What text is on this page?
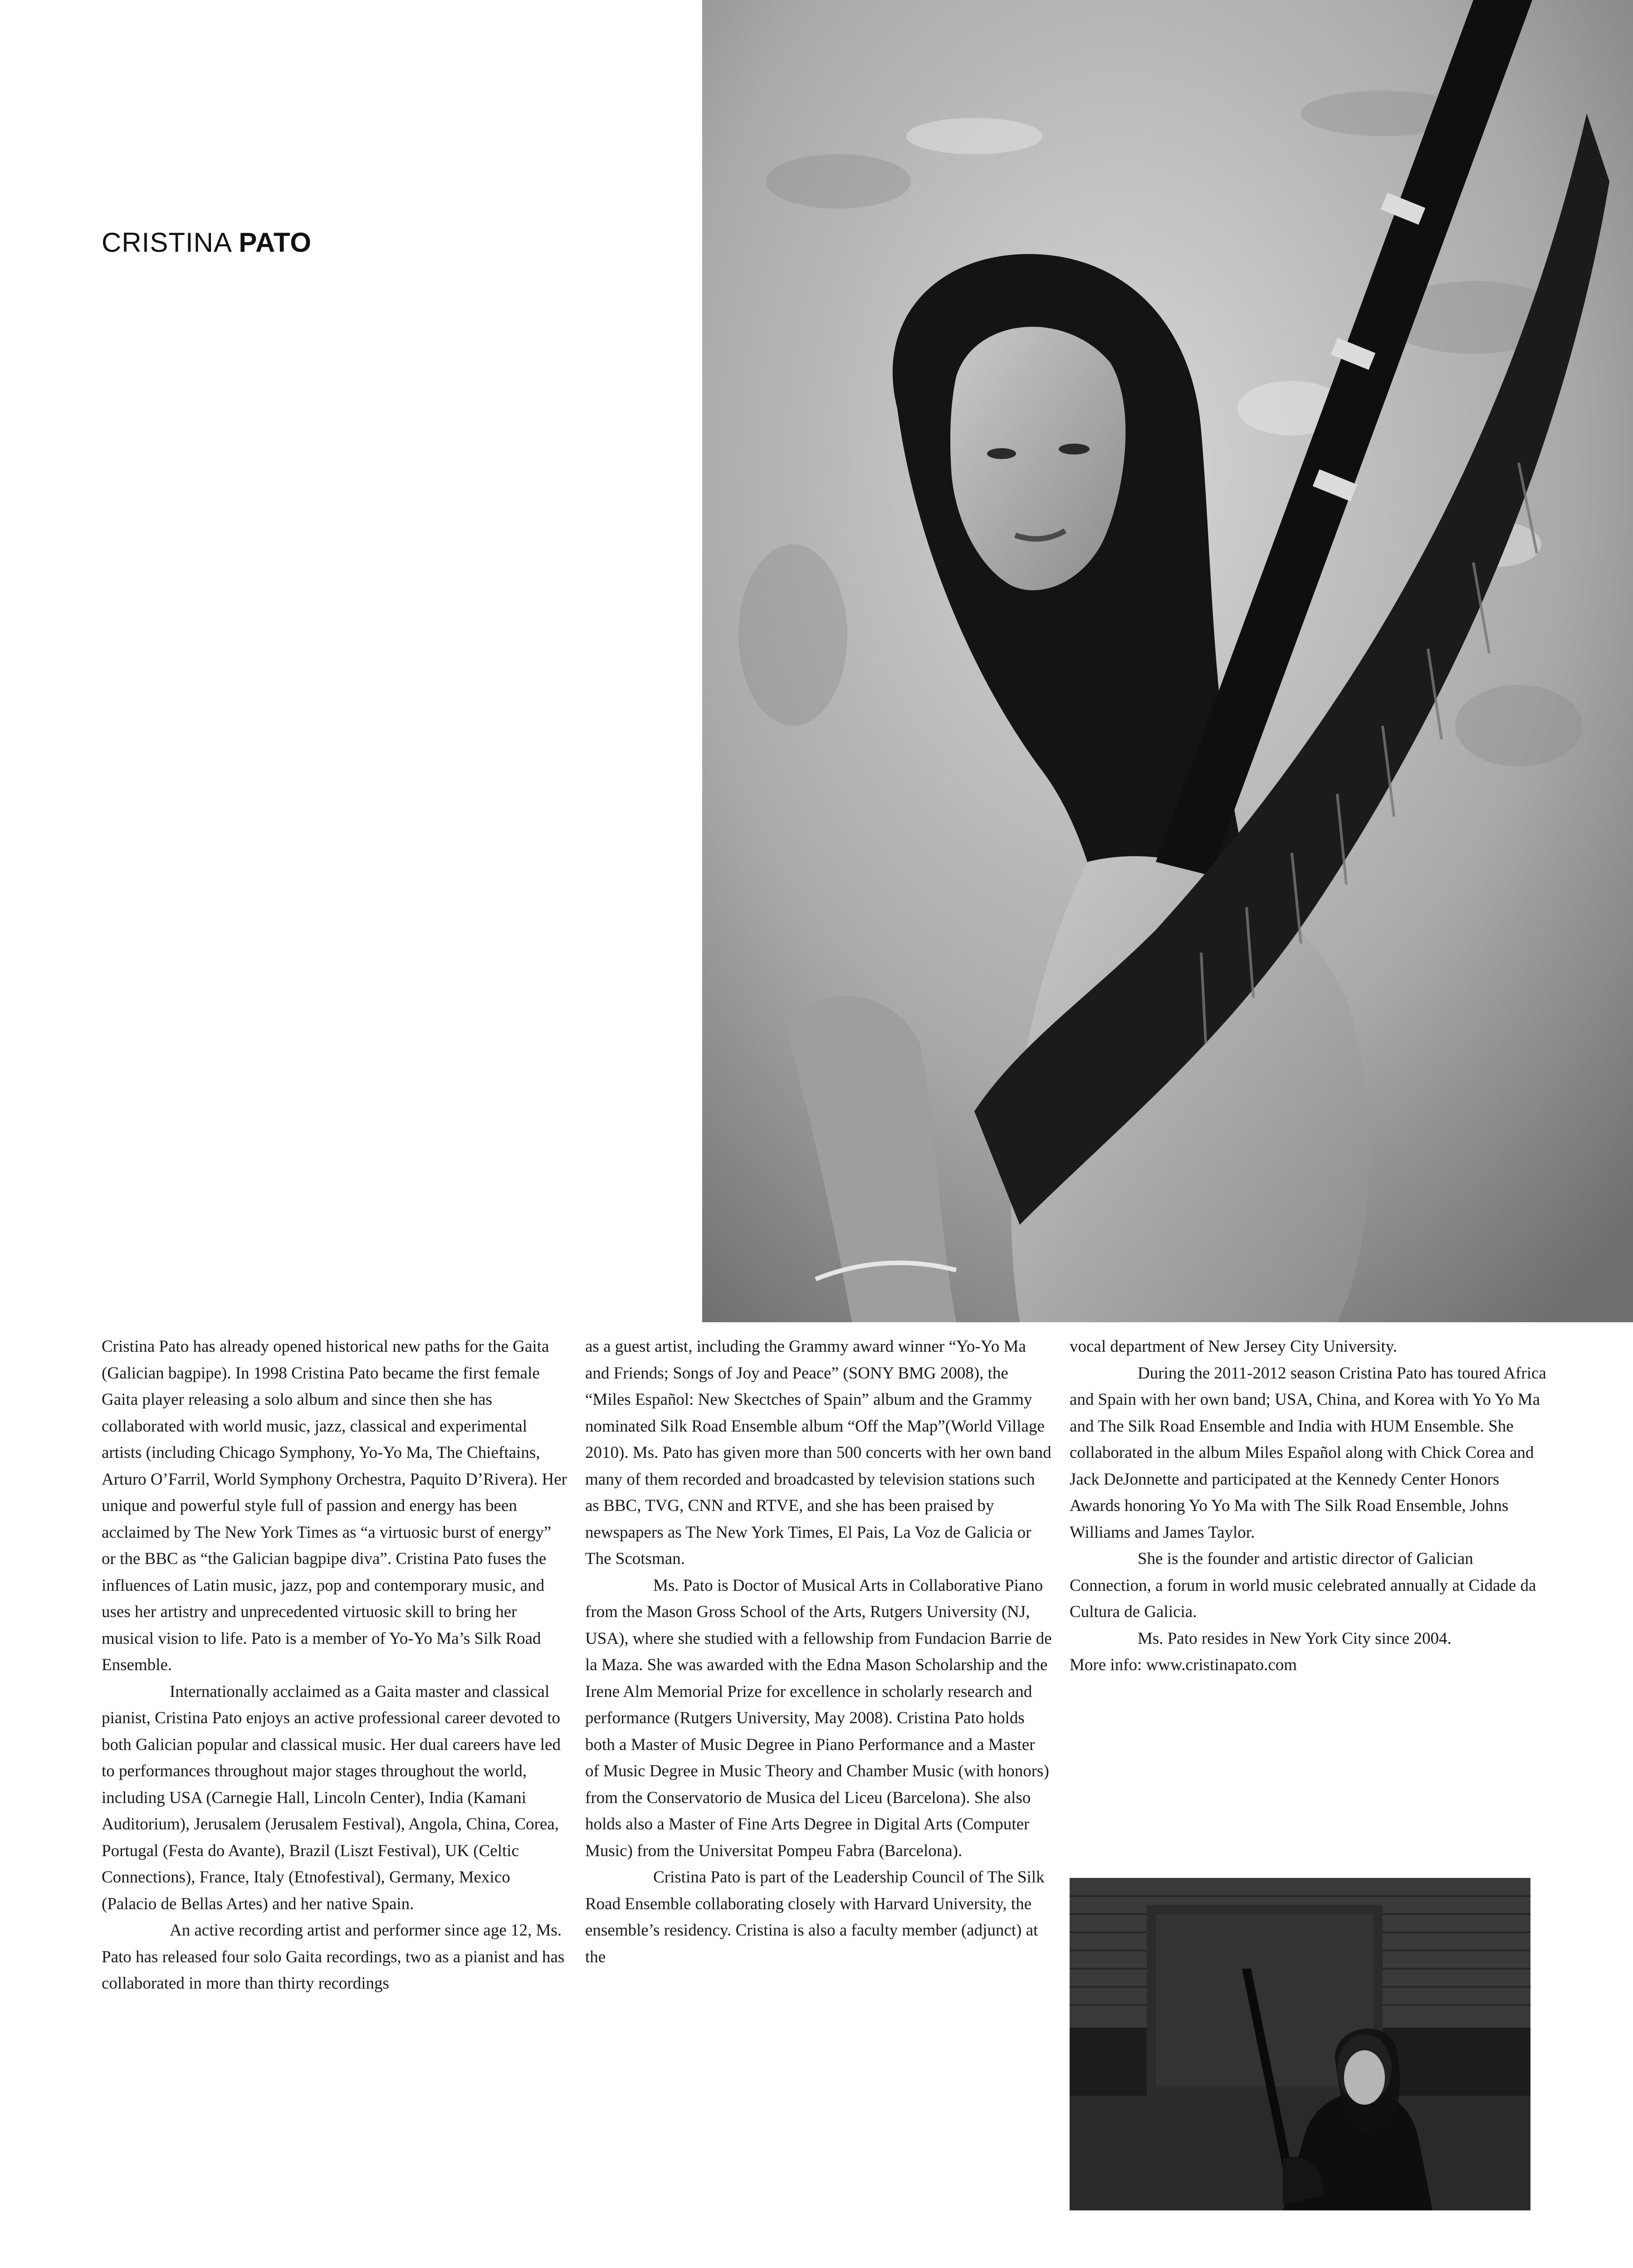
CRISTINA PATO

Cristina Pato has already opened historical new paths for the Gaita (Galician bagpipe). In 1998 Cristina Pato became the first female Gaita player releasing a solo album and since then she has collaborated with world music, jazz, classical and experimental artists (including Chicago Symphony, Yo-Yo Ma, The Chieftains, Arturo O’Farril, World Symphony Orchestra, Paquito D’Rivera). Her unique and powerful style full of passion and energy has been acclaimed by The New York Times as “a virtuosic burst of energy” or the BBC as “the Galician bagpipe diva”. Cristina Pato fuses the influences of Latin music, jazz, pop and contemporary music, and uses her artistry and unprecedented virtuosic skill to bring her musical vision to life. Pato is a member of Yo-Yo Ma’s Silk Road Ensemble.

Internationally acclaimed as a Gaita master and classical pianist, Cristina Pato enjoys an active professional career devoted to both Galician popular and classical music. Her dual careers have led to performances throughout major stages throughout the world, including USA (Carnegie Hall, Lincoln Center), India (Kamani Auditorium), Jerusalem (Jerusalem Festival), Angola, China, Corea, Portugal (Festa do Avante), Brazil (Liszt Festival), UK (Celtic Connections), France, Italy (Etnofestival), Germany, Mexico (Palacio de Bellas Artes) and her native Spain.

An active recording artist and performer since age 12, Ms. Pato has released four solo Gaita recordings, two as a pianist and has collaborated in more than thirty recordings

as a guest artist, including the Grammy award winner “Yo-Yo Ma and Friends; Songs of Joy and Peace” (SONY BMG 2008), the “Miles Español: New Skectches of Spain” album and the Grammy nominated Silk Road Ensemble album “Off the Map”(World Village 2010). Ms. Pato has given more than 500 concerts with her own band many of them recorded and broadcasted by television stations such as BBC, TVG, CNN and RTVE, and she has been praised by newspapers as The New York Times, El Pais, La Voz de Galicia or The Scotsman.

Ms. Pato is Doctor of Musical Arts in Collaborative Piano from the Mason Gross School of the Arts, Rutgers University (NJ, USA), where she studied with a fellowship from Fundacion Barrie de la Maza. She was awarded with the Edna Mason Scholarship and the Irene Alm Memorial Prize for excellence in scholarly research and performance (Rutgers University, May 2008). Cristina Pato holds both a Master of Music Degree in Piano Performance and a Master of Music Degree in Music Theory and Chamber Music (with honors) from the Conservatorio de Musica del Liceu (Barcelona). She also holds also a Master of Fine Arts Degree in Digital Arts (Computer Music) from the Universitat Pompeu Fabra (Barcelona).

Cristina Pato is part of the Leadership Council of The Silk Road Ensemble collaborating closely with Harvard University, the ensemble’s residency. Cristina is also a faculty member (adjunct) at the

vocal department of New Jersey City University.

During the 2011-2012 season Cristina Pato has toured Africa and Spain with her own band; USA, China, and Korea with Yo Yo Ma and The Silk Road Ensemble and India with HUM Ensemble. She collaborated in the album Miles Español along with Chick Corea and Jack DeJonnette and participated at the Kennedy Center Honors Awards honoring Yo Yo Ma with The Silk Road Ensemble, Johns Williams and James Taylor.

She is the founder and artistic director of Galician Connection, a forum in world music celebrated annually at Cidade da Cultura de Galicia.

Ms. Pato resides in New York City since 2004.

More info: www.cristinapato.com
